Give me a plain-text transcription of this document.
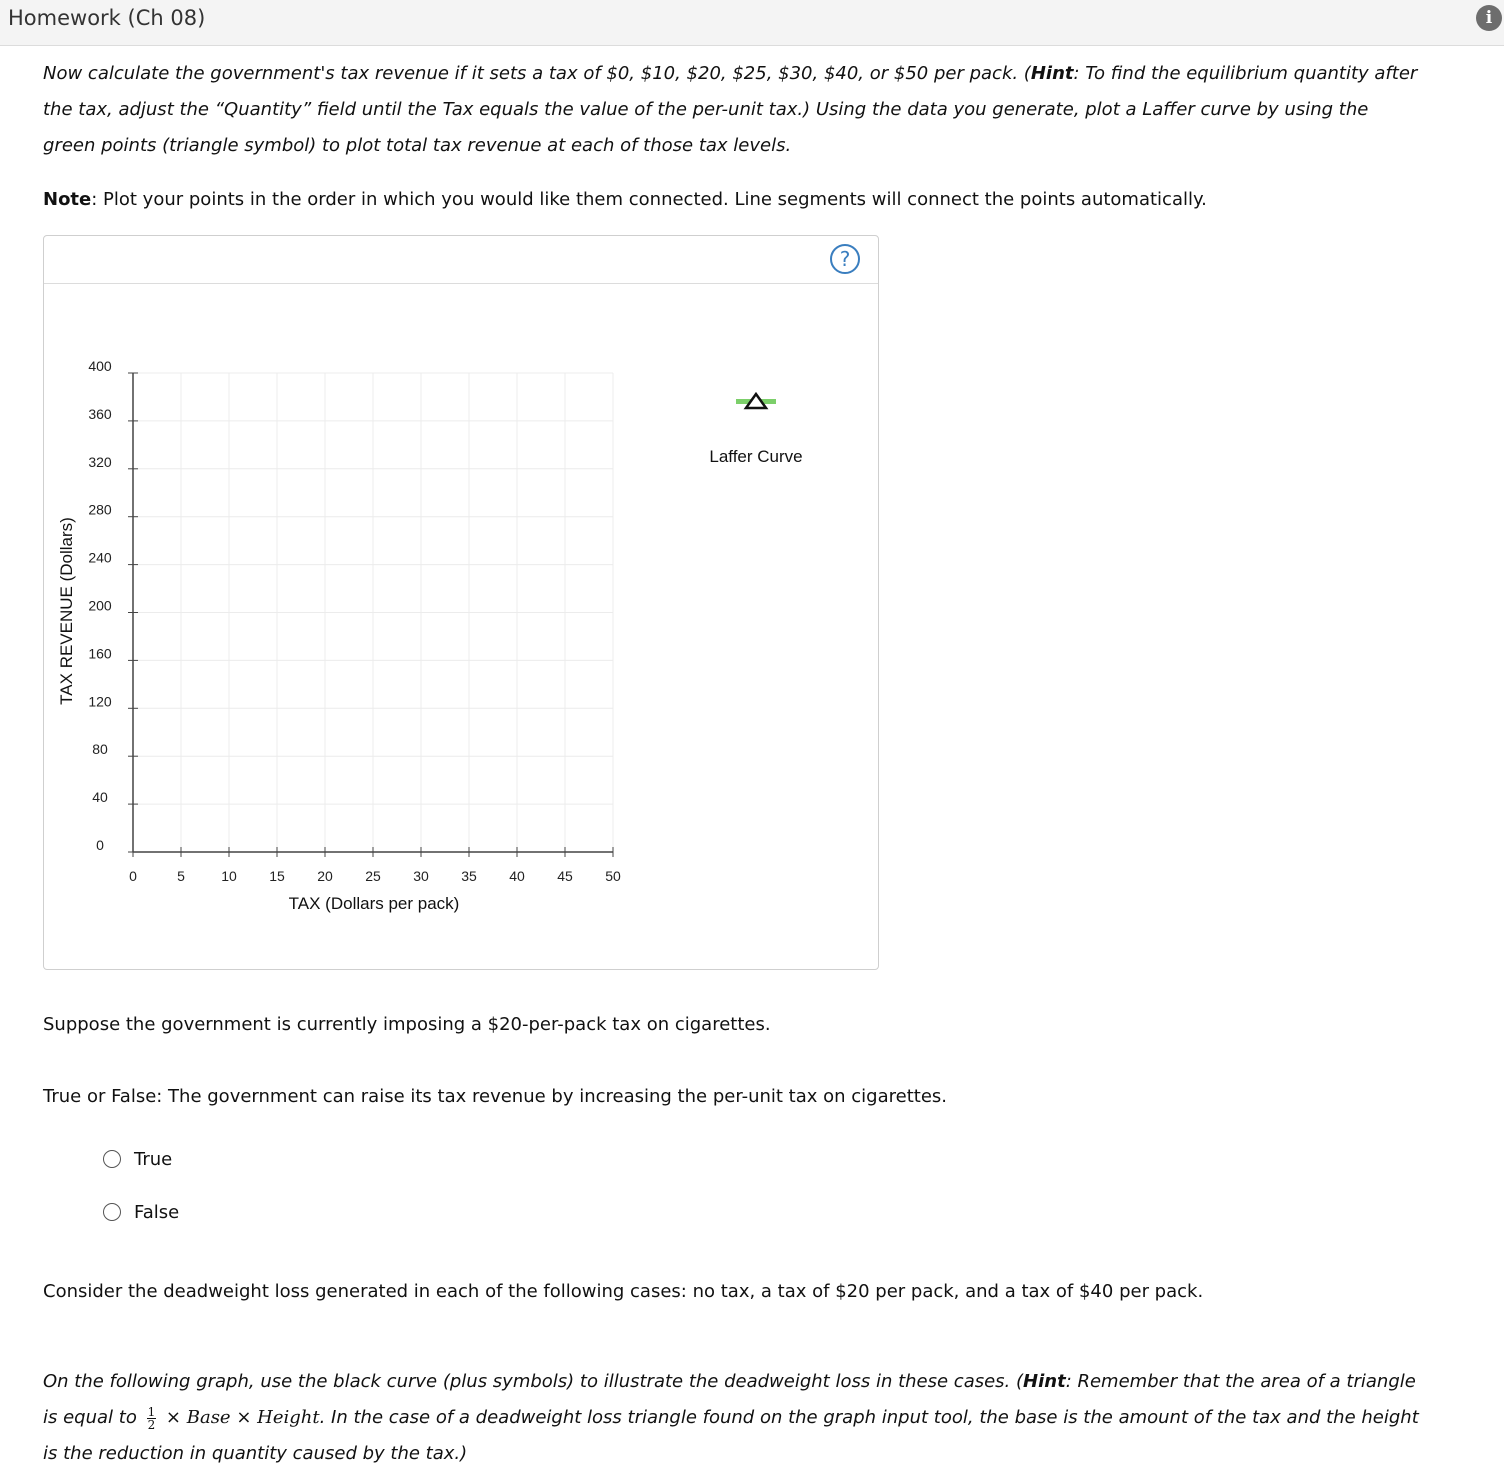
Homework (Ch 08)	i
Now calculate the government's tax revenue if it sets a tax of $0, $10, $20, $25, $30, $40, or $50 per pack. (Hint: To find the equilibrium quantity after the tax, adjust the “Quantity” field until the Tax equals the value of the per-unit tax.) Using the data you generate, plot a Laffer curve by using the green points (triangle symbol) to plot total tax revenue at each of those tax levels.
Note: Plot your points in the order in which you would like them connected. Line segments will connect the points automatically.
?
0	5	10 15 20 25 30 35 40 45 50
0
40
80
120
160
200
240
280
320
360
400
TAX (Dollars per pack)
TAX REVENUE (Dollars)
Laffer Curve
Suppose the government is currently imposing a $20-per-pack tax on cigarettes.
True or False: The government can raise its tax revenue by increasing the per-unit tax on cigarettes.
True
False
Consider the deadweight loss generated in each of the following cases: no tax, a tax of $20 per pack, and a tax of $40 per pack.
On the following graph, use the black curve (plus symbols) to illustrate the deadweight loss in these cases. (Hint: Remember that the area of a triangle is equal to $\frac{1}{2}$ × Base × Height. In the case of a deadweight loss triangle found on the graph input tool, the base is the amount of the tax and the height is the reduction in quantity caused by the tax.)
